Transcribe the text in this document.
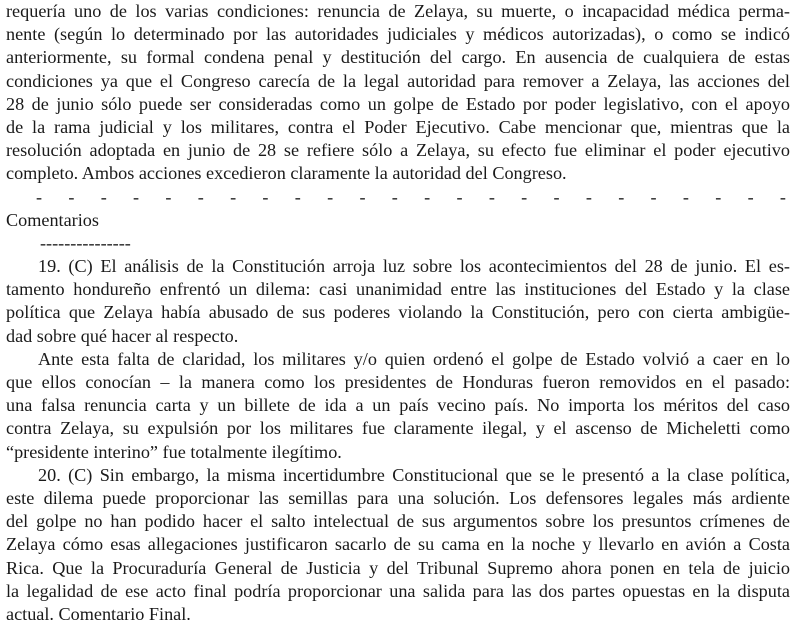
requería uno de los varias condiciones: renuncia de Zelaya, su muerte, o incapacidad médica perma-
nente (según lo determinado por las autoridades judiciales y médicos autorizadas), o como se indicó
anteriormente, su formal condena penal y destitución del cargo. En ausencia de cualquiera de estas
condiciones ya que el Congreso carecía de la legal autoridad para remover a Zelaya, las acciones del
28 de junio sólo puede ser consideradas como un golpe de Estado por poder legislativo, con el apoyo
de la rama judicial y los militares, contra el Poder Ejecutivo. Cabe mencionar que, mientras que la
resolución adoptada en junio de 28 se refiere sólo a Zelaya, su efecto fue eliminar el poder ejecutivo
completo. Ambos acciones excedieron claramente la autoridad del Congreso.
- - - - - - - - - - - - - - - - - - - - - - - -
Comentarios
---------------
19. (C) El análisis de la Constitución arroja luz sobre los acontecimientos del 28 de junio. El es-
tamento hondureño enfrentó un dilema: casi unanimidad entre las instituciones del Estado y la clase
política que Zelaya había abusado de sus poderes violando la Constitución, pero con cierta ambigüe-
dad sobre qué hacer al respecto.
Ante esta falta de claridad, los militares y/o quien ordenó el golpe de Estado volvió a caer en lo
que ellos conocían – la manera como los presidentes de Honduras fueron removidos en el pasado:
una falsa renuncia carta y un billete de ida a un país vecino país. No importa los méritos del caso
contra Zelaya, su expulsión por los militares fue claramente ilegal, y el ascenso de Micheletti como
“presidente interino” fue totalmente ilegítimo.
20. (C) Sin embargo, la misma incertidumbre Constitucional que se le presentó a la clase política,
este dilema puede proporcionar las semillas para una solución. Los defensores legales más ardiente
del golpe no han podido hacer el salto intelectual de sus argumentos sobre los presuntos crímenes de
Zelaya cómo esas allegaciones justificaron sacarlo de su cama en la noche y llevarlo en avión a Costa
Rica. Que la Procuraduría General de Justicia y del Tribunal Supremo ahora ponen en tela de juicio
la legalidad de ese acto final podría proporcionar una salida para las dos partes opuestas en la disputa
actual. Comentario Final.
